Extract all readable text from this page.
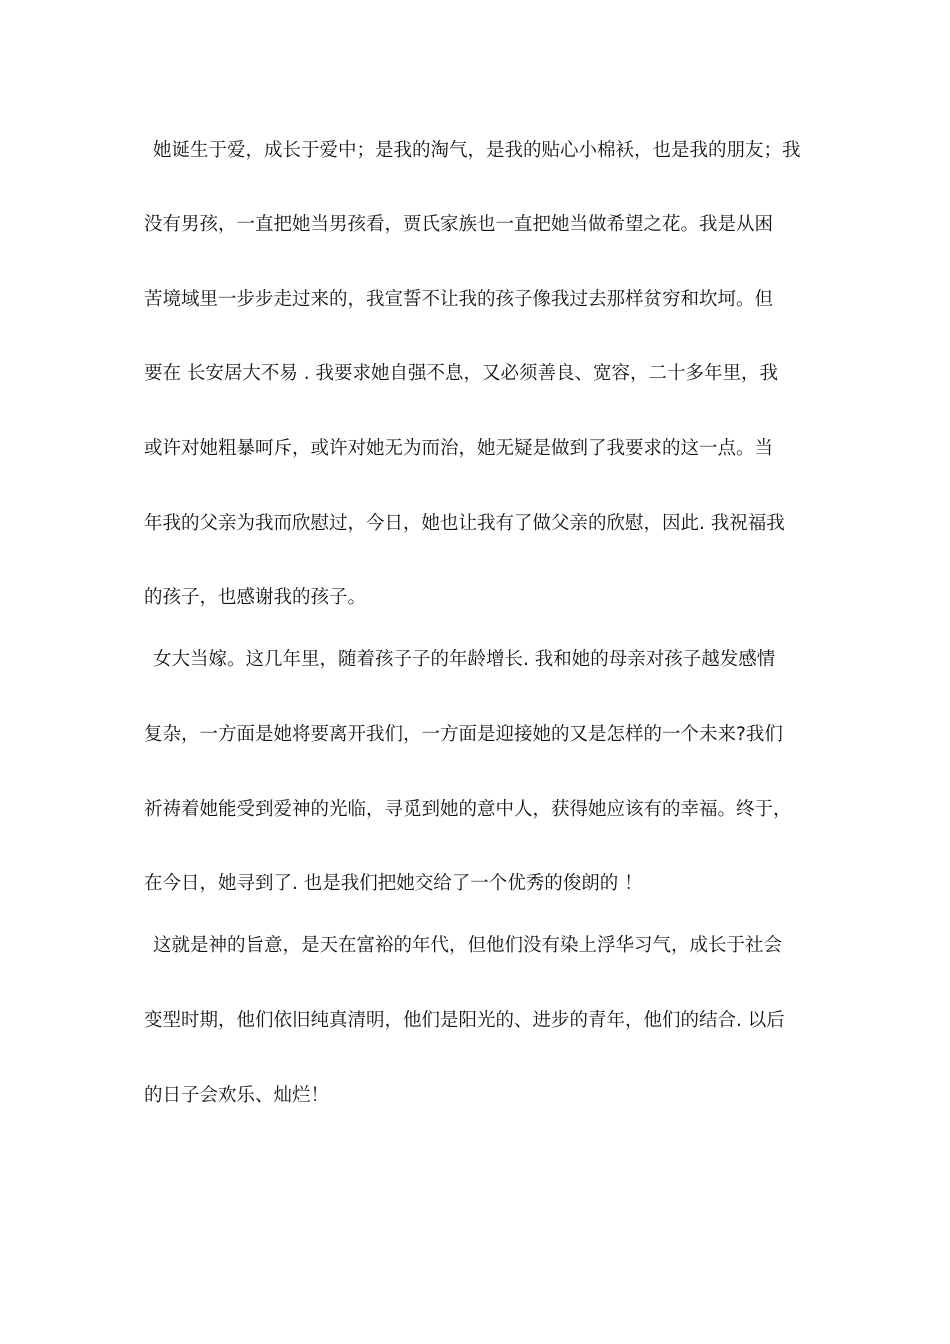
她诞生于爱，成长于爱中；是我的淘气，是我的贴心小棉袄，也是我的朋友；我
没有男孩，一直把她当男孩看，贾氏家族也一直把她当做希望之花。我是从困
苦境域里一步步走过来的，我宣誓不让我的孩子像我过去那样贫穷和坎坷。但
要在 长安居大不易 . 我要求她自强不息，又必须善良、宽容，二十多年里，我
或许对她粗暴呵斥，或许对她无为而治，她无疑是做到了我要求的这一点。当
年我的父亲为我而欣慰过，今日，她也让我有了做父亲的欣慰，因此. 我祝福我
的孩子，也感谢我的孩子。
女大当嫁。这几年里，随着孩子子的年龄增长. 我和她的母亲对孩子越发感情
复杂，一方面是她将要离开我们，一方面是迎接她的又是怎样的一个未来?我们
祈祷着她能受到爱神的光临，寻觅到她的意中人，获得她应该有的幸福。终于，
在今日，她寻到了. 也是我们把她交给了一个优秀的俊朗的 ！
这就是神的旨意，是天在富裕的年代，但他们没有染上浮华习气，成长于社会
变型时期，他们依旧纯真清明，他们是阳光的、进步的青年，他们的结合. 以后
的日子会欢乐、灿烂！
